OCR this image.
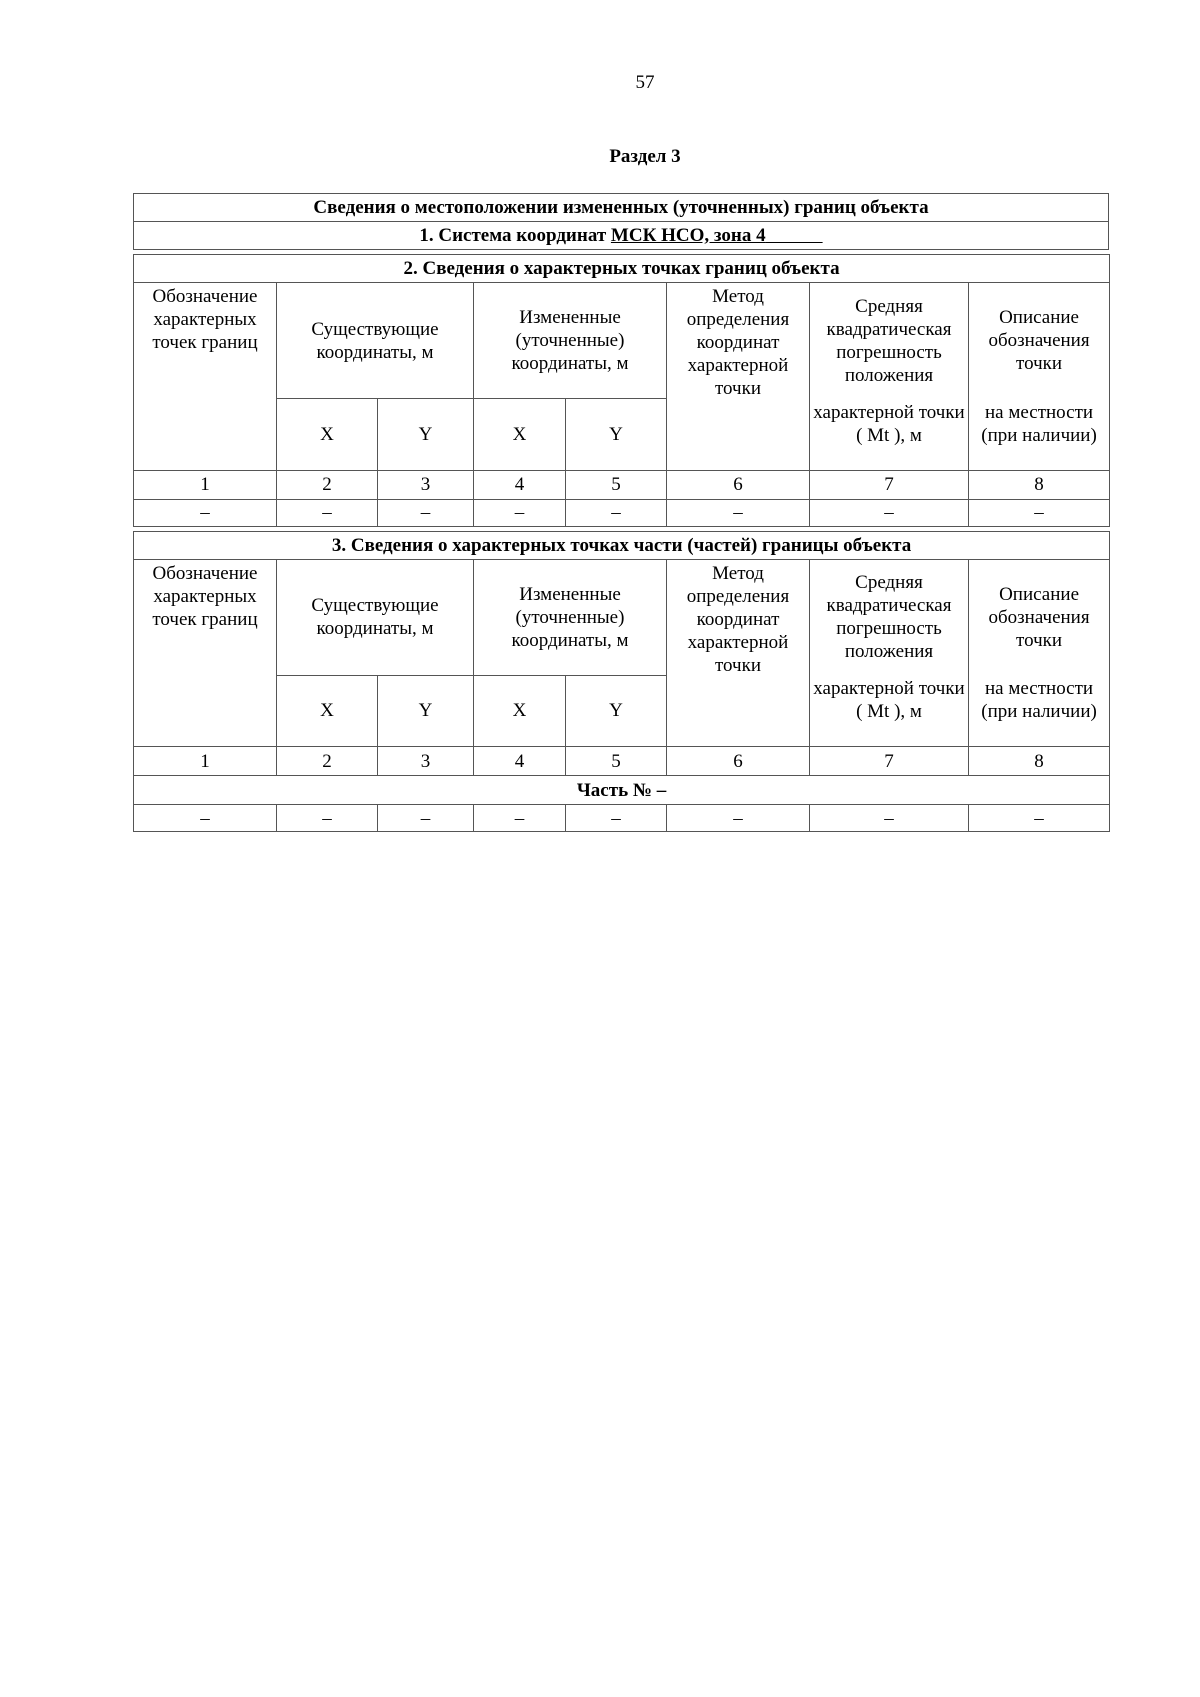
57
Раздел 3
Сведения о местоположении измененных (уточненных) границ объекта
1. Система координат МСК НСО, зона 4
2. Сведения о характерных точках границ объекта							
Обозначение характерных точек границ	Существующие координаты, м		Измененные (уточненные) координаты, м		Метод определения координат характерной точки	Средняя квадратическая погрешность положения	Описание обозначения точки
	X	Y	X	Y		характерной точки ( Mt ), м	на местности (при наличии)
1	2	3	4	5	6	7	8
–	–	–	–	–	–	–	–
3. Сведения о характерных точках части (частей) границы объекта							
Обозначение характерных точек границ	Существующие координаты, м		Измененные (уточненные) координаты, м		Метод определения координат характерной точки	Средняя квадратическая погрешность положения	Описание обозначения точки
	X	Y	X	Y		характерной точки ( Mt ), м	на местности (при наличии)
1	2	3	4	5	6	7	8
Часть № –							
–	–	–	–	–	–	–	–
